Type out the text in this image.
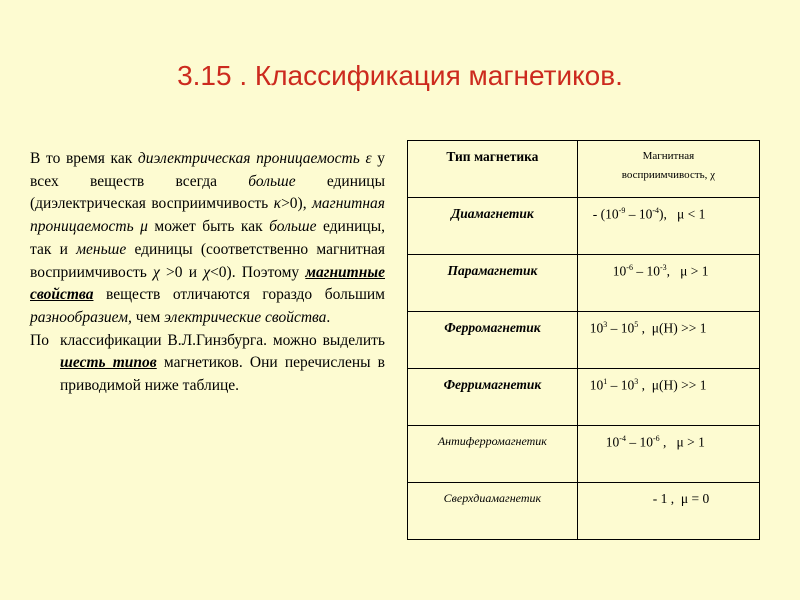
3.15 . Классификация магнетиков.

В то время как диэлектрическая проницаемость ε у всех веществ всегда больше единицы (диэлектрическая восприимчивость κ>0), магнитная проницаемость μ может быть как больше единицы, так и меньше единицы (соответственно магнитная восприимчивость χ >0 и χ<0). Поэтому магнитные свойства веществ отличаются гораздо большим разнообразием, чем электрические свойства.

По классификации В.Л.Гинзбурга. можно выделить шесть типов магнетиков. Они перечислены в приводимой ниже таблице.

Тип магнетика	Магнитная
восприимчивость, χ

Диамагнетик	- $(10^{-9} - 10^{-4})$,   μ < 1
Парамагнетик	$10^{-6} - 10^{-3}$,   μ > 1
Ферромагнетик	$10^3 - 10^5$ ,  μ(H) >> 1
Ферримагнетик	$10^1 - 10^3$ ,  μ(H) >> 1
Антиферромагнетик	$10^{-4} - 10^{-6}$ ,   μ > 1
Сверхдиамагнетик	- 1 ,  μ = 0
